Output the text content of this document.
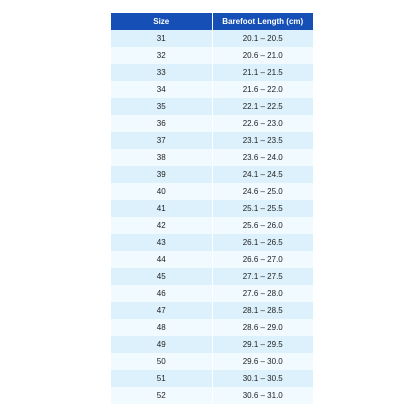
Size	Barefoot Length (cm)
31	20.1 – 20.5
32	20.6 – 21.0
33	21.1 – 21.5
34	21.6 – 22.0
35	22.1 – 22.5
36	22.6 – 23.0
37	23.1 – 23.5
38	23.6 – 24.0
39	24.1 – 24.5
40	24.6 – 25.0
41	25.1 – 25.5
42	25.6 – 26.0
43	26.1 – 26.5
44	26.6 – 27.0
45	27.1 – 27.5
46	27.6 – 28.0
47	28.1 – 28.5
48	28.6 – 29.0
49	29.1 – 29.5
50	29.6 – 30.0
51	30.1 – 30.5
52	30.6 – 31.0
